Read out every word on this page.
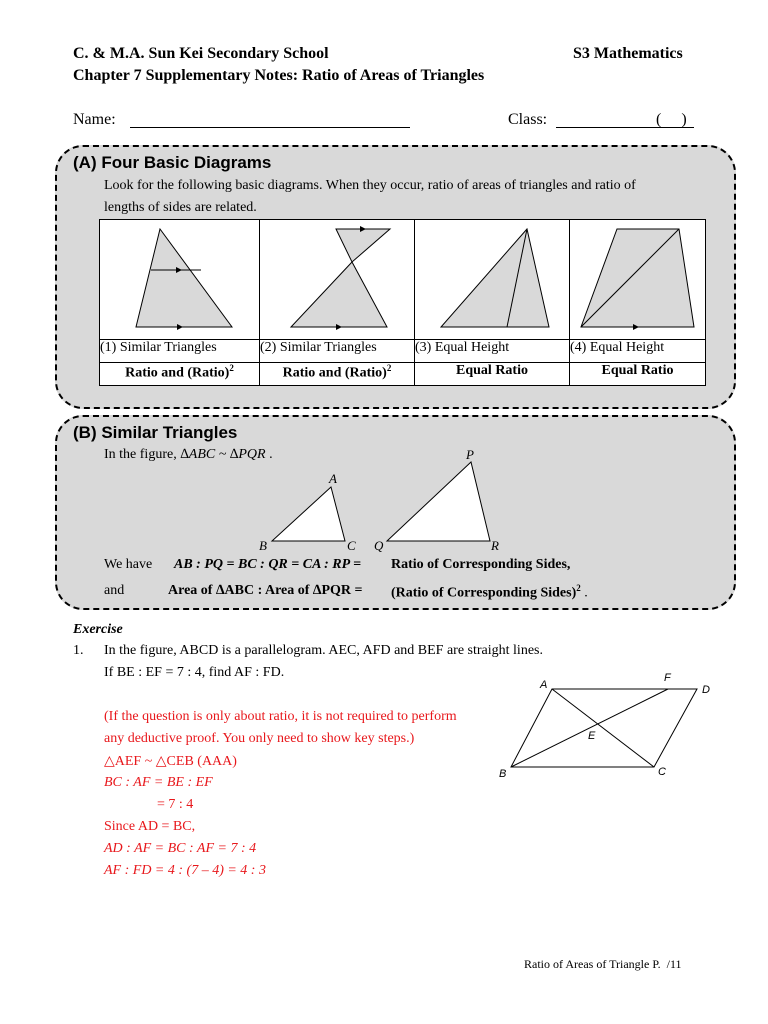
C. & M.A. Sun Kei Secondary School	S3 Mathematics
Chapter 7 Supplementary Notes: Ratio of Areas of Triangles
Name:	Class:	(     )
(A) Four Basic Diagrams
Look for the following basic diagrams. When they occur, ratio of areas of triangles and ratio of
lengths of sides are related.

(1) Similar Triangles	(2) Similar Triangles	(3) Equal Height	(4) Equal Height
Ratio and (Ratio)$^2$	Ratio and (Ratio)$^2$	Equal Ratio	Equal Ratio
(B) Similar Triangles
In the figure, ∆ABC ~ ∆PQR .
A
B	C
P
Q	R
We have AB : PQ = BC : QR = CA : RP = Ratio of Corresponding Sides,
and	Area of ∆ABC : Area of ∆PQR = (Ratio of Corresponding Sides)$^2$ .
Exercise
1. In the figure, ABCD is a parallelogram. AEC, AFD and BEF are straight lines.
If BE : EF = 7 : 4, find AF : FD.
(If the question is only about ratio, it is not required to perform
any deductive proof. You only need to show key steps.)
△AEF ~ △CEB (AAA)
BC : AF = BE : EF
= 7 : 4
Since AD = BC,
AD : AF = BC : AF = 7 : 4
AF : FD = 4 : (7 – 4) = 4 : 3
A
F
D
E
B	C
Ratio of Areas of Triangle P.  /11
